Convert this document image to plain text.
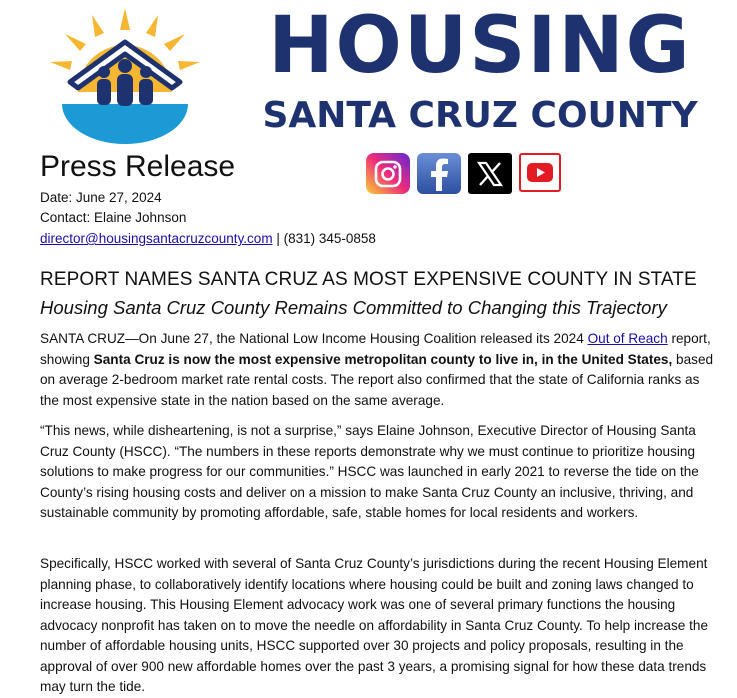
HOUSING
SANTA CRUZ COUNTY
Press Release
Date: June 27, 2024
Contact: Elaine Johnson
director@housingsantacruzcounty.com | (831) 345-0858
REPORT NAMES SANTA CRUZ AS MOST EXPENSIVE COUNTY IN STATE
Housing Santa Cruz County Remains Committed to Changing this Trajectory

SANTA CRUZ—On June 27, the National Low Income Housing Coalition released its 2024 Out of Reach report, showing Santa Cruz is now the most expensive metropolitan county to live in, in the United States, based on average 2-bedroom market rate rental costs. The report also confirmed that the state of California ranks as the most expensive state in the nation based on the same average.

“This news, while disheartening, is not a surprise,” says Elaine Johnson, Executive Director of Housing Santa Cruz County (HSCC). “The numbers in these reports demonstrate why we must continue to prioritize housing solutions to make progress for our communities.” HSCC was launched in early 2021 to reverse the tide on the County’s rising housing costs and deliver on a mission to make Santa Cruz County an inclusive, thriving, and sustainable community by promoting affordable, safe, stable homes for local residents and workers.

Specifically, HSCC worked with several of Santa Cruz County’s jurisdictions during the recent Housing Element planning phase, to collaboratively identify locations where housing could be built and zoning laws changed to increase housing. This Housing Element advocacy work was one of several primary functions the housing advocacy nonprofit has taken on to move the needle on affordability in Santa Cruz County. To help increase the number of affordable housing units, HSCC supported over 30 projects and policy proposals, resulting in the approval of over 900 new affordable homes over the past 3 years, a promising signal for how these data trends may turn the tide.
